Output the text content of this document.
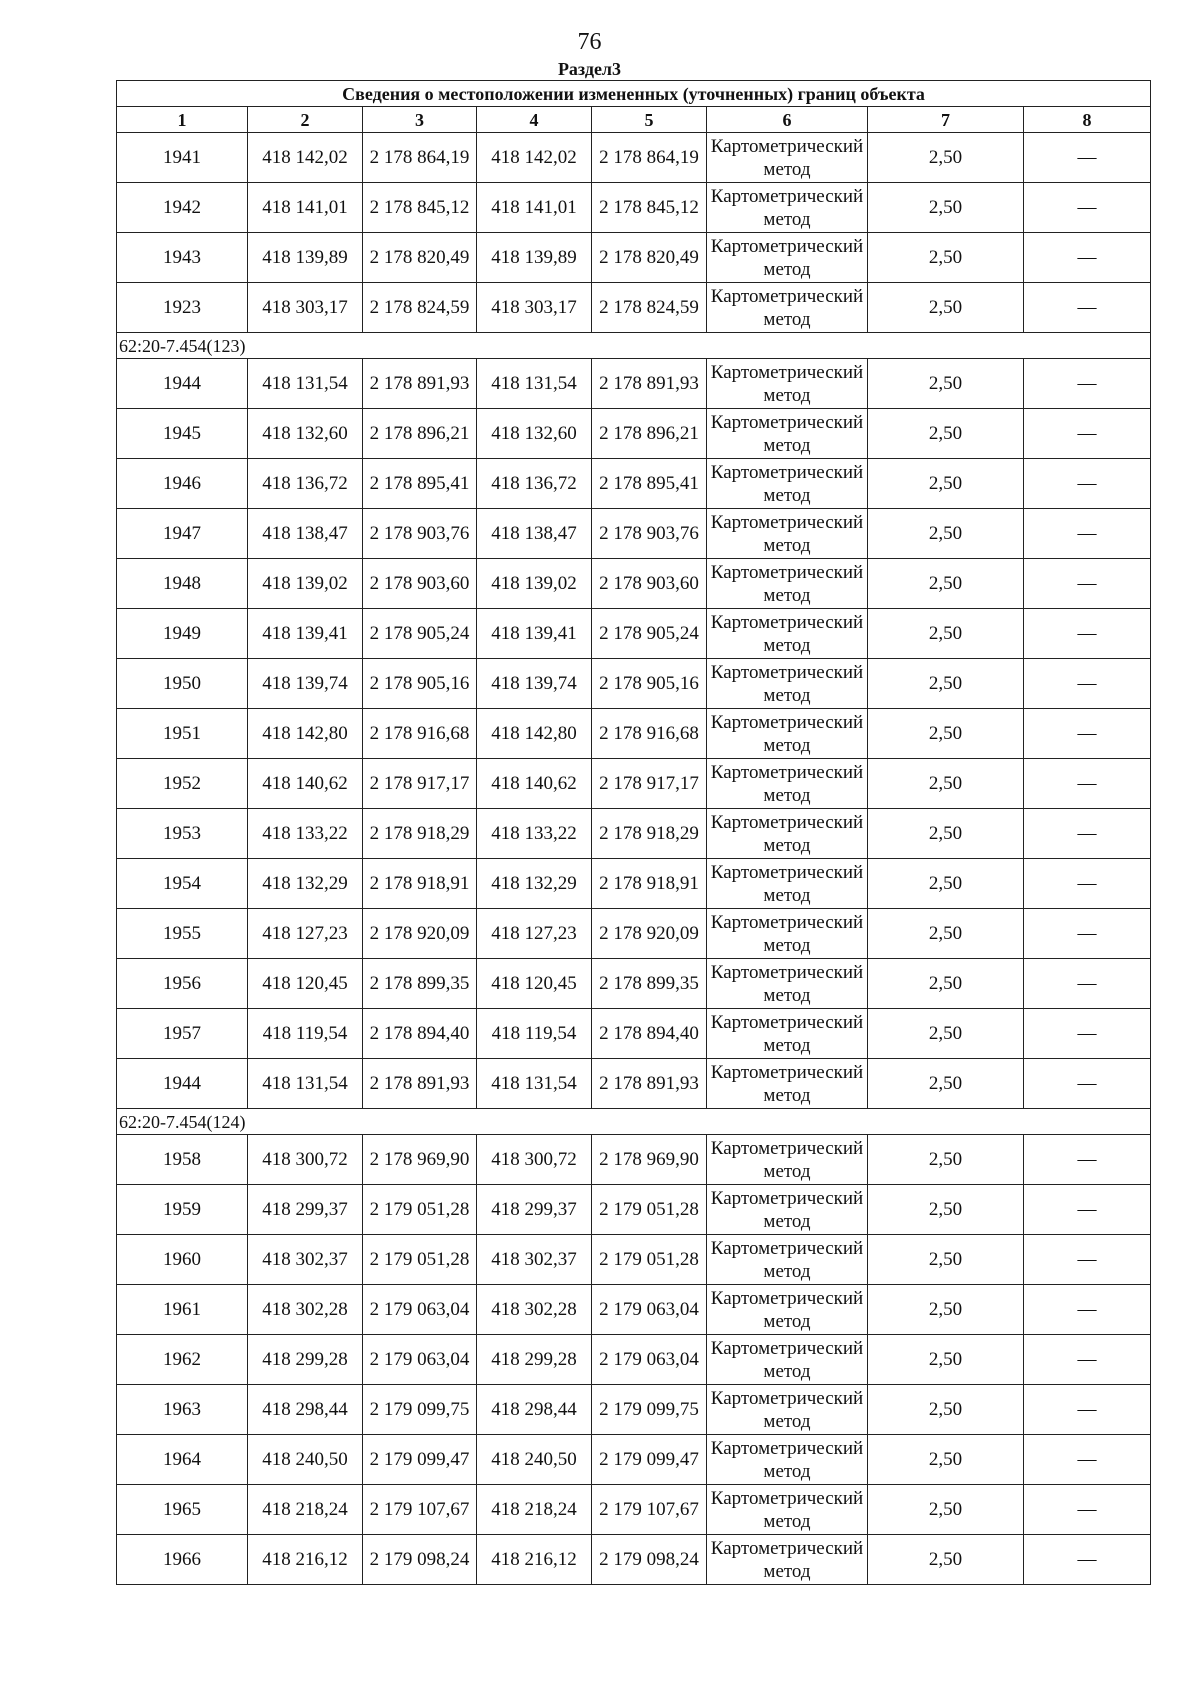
76
Раздел3
Сведения о местоположении измененных (уточненных) границ объекта							
1	2	3	4	5	6	7	8
1941	418 142,02	2 178 864,19	418 142,02	2 178 864,19	Картометрический метод	2,50	—
1942	418 141,01	2 178 845,12	418 141,01	2 178 845,12	Картометрический метод	2,50	—
1943	418 139,89	2 178 820,49	418 139,89	2 178 820,49	Картометрический метод	2,50	—
1923	418 303,17	2 178 824,59	418 303,17	2 178 824,59	Картометрический метод	2,50	—
62:20-7.454(123)							
1944	418 131,54	2 178 891,93	418 131,54	2 178 891,93	Картометрический метод	2,50	—
1945	418 132,60	2 178 896,21	418 132,60	2 178 896,21	Картометрический метод	2,50	—
1946	418 136,72	2 178 895,41	418 136,72	2 178 895,41	Картометрический метод	2,50	—
1947	418 138,47	2 178 903,76	418 138,47	2 178 903,76	Картометрический метод	2,50	—
1948	418 139,02	2 178 903,60	418 139,02	2 178 903,60	Картометрический метод	2,50	—
1949	418 139,41	2 178 905,24	418 139,41	2 178 905,24	Картометрический метод	2,50	—
1950	418 139,74	2 178 905,16	418 139,74	2 178 905,16	Картометрический метод	2,50	—
1951	418 142,80	2 178 916,68	418 142,80	2 178 916,68	Картометрический метод	2,50	—
1952	418 140,62	2 178 917,17	418 140,62	2 178 917,17	Картометрический метод	2,50	—
1953	418 133,22	2 178 918,29	418 133,22	2 178 918,29	Картометрический метод	2,50	—
1954	418 132,29	2 178 918,91	418 132,29	2 178 918,91	Картометрический метод	2,50	—
1955	418 127,23	2 178 920,09	418 127,23	2 178 920,09	Картометрический метод	2,50	—
1956	418 120,45	2 178 899,35	418 120,45	2 178 899,35	Картометрический метод	2,50	—
1957	418 119,54	2 178 894,40	418 119,54	2 178 894,40	Картометрический метод	2,50	—
1944	418 131,54	2 178 891,93	418 131,54	2 178 891,93	Картометрический метод	2,50	—
62:20-7.454(124)							
1958	418 300,72	2 178 969,90	418 300,72	2 178 969,90	Картометрический метод	2,50	—
1959	418 299,37	2 179 051,28	418 299,37	2 179 051,28	Картометрический метод	2,50	—
1960	418 302,37	2 179 051,28	418 302,37	2 179 051,28	Картометрический метод	2,50	—
1961	418 302,28	2 179 063,04	418 302,28	2 179 063,04	Картометрический метод	2,50	—
1962	418 299,28	2 179 063,04	418 299,28	2 179 063,04	Картометрический метод	2,50	—
1963	418 298,44	2 179 099,75	418 298,44	2 179 099,75	Картометрический метод	2,50	—
1964	418 240,50	2 179 099,47	418 240,50	2 179 099,47	Картометрический метод	2,50	—
1965	418 218,24	2 179 107,67	418 218,24	2 179 107,67	Картометрический метод	2,50	—
1966	418 216,12	2 179 098,24	418 216,12	2 179 098,24	Картометрический метод	2,50	—
